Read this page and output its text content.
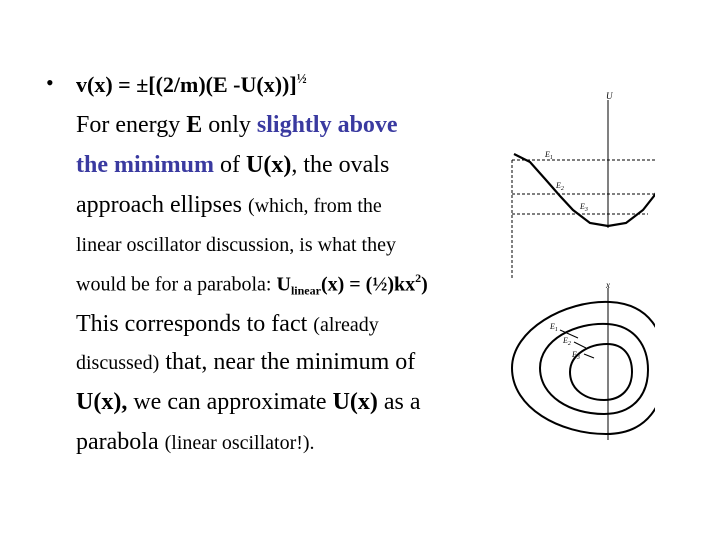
• v(x) = ±[(2/m)(E -U(x))]$^{\frac{1}{2}}$
For energy E only slightly above
the minimum of U(x), the ovals
approach ellipses (which, from the
linear oscillator discussion, is what they
would be for a parabola: $U_{linear}(x)$ = $(\frac{1}{2})kx^2$)
This corresponds to fact (already
discussed) that, near the minimum of
U(x), we can approximate U(x) as a
parabola (linear oscillator!).
U
$E_1$
$E_2$
$E_3$
x
$E_1$
$E_2$
$E_3$
